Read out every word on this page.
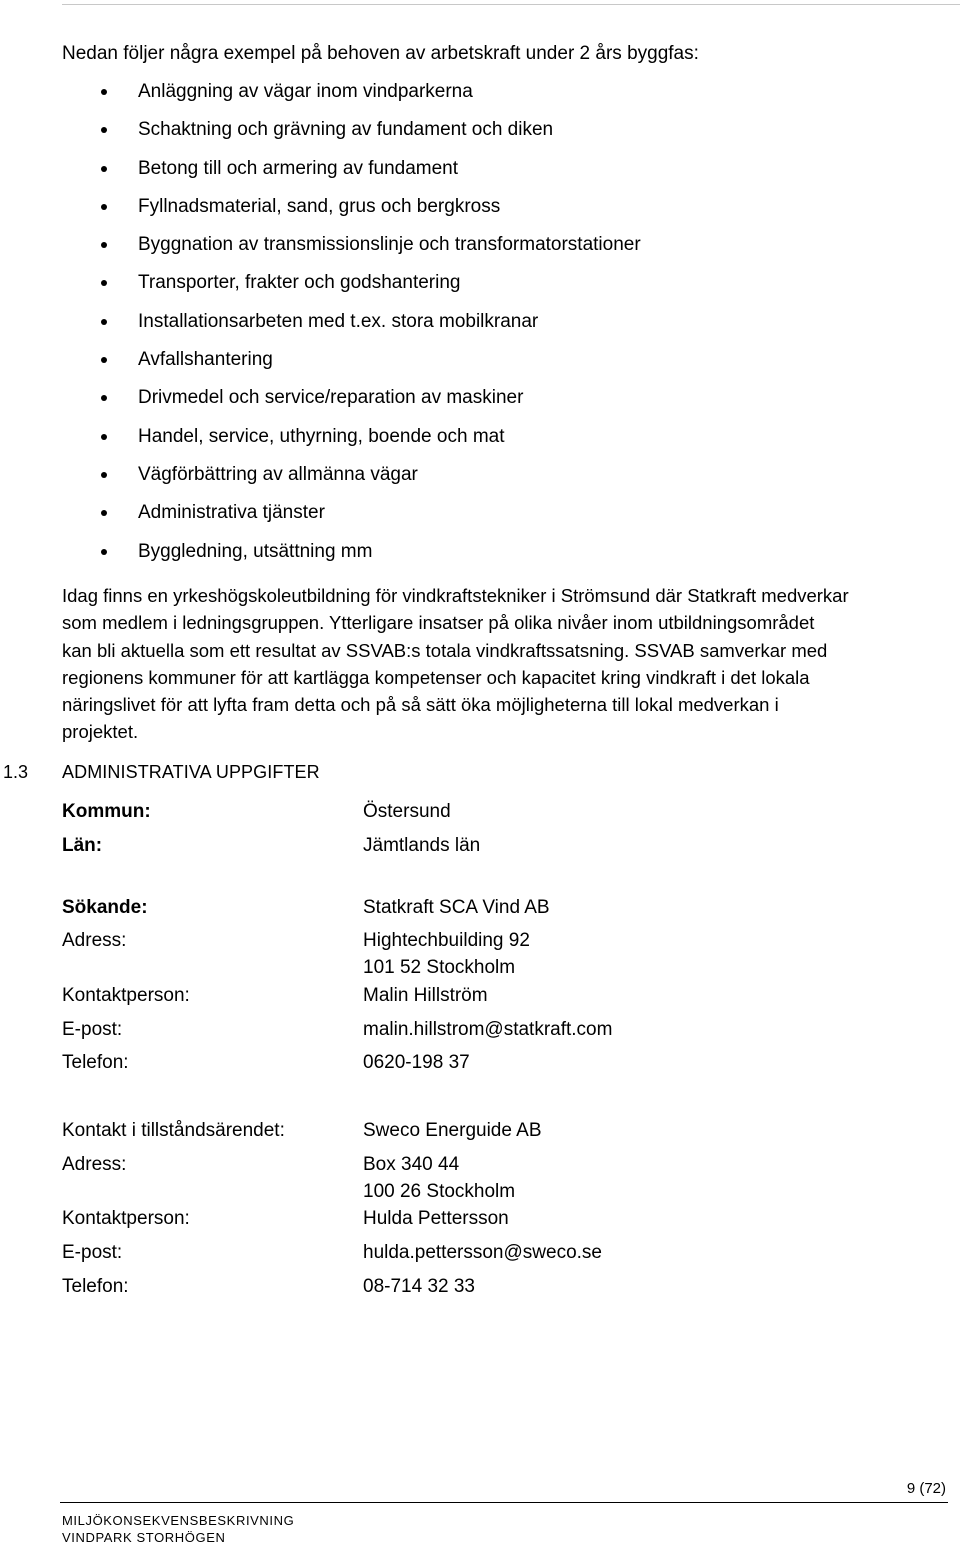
Nedan följer några exempel på behoven av arbetskraft under 2 års byggfas:
Anläggning av vägar inom vindparkerna
Schaktning och grävning av fundament och diken
Betong till och armering av fundament
Fyllnadsmaterial, sand, grus och bergkross
Byggnation av transmissionslinje och transformatorstationer
Transporter, frakter och godshantering
Installationsarbeten med t.ex. stora mobilkranar
Avfallshantering
Drivmedel och service/reparation av maskiner
Handel, service, uthyrning, boende och mat
Vägförbättring av allmänna vägar
Administrativa tjänster
Byggledning, utsättning mm
Idag finns en yrkeshögskoleutbildning för vindkraftstekniker i Strömsund där Statkraft medverkar
som medlem i ledningsgruppen. Ytterligare insatser på olika nivåer inom utbildningsområdet
kan bli aktuella som ett resultat av SSVAB:s totala vindkraftssatsning. SSVAB samverkar med
regionens kommuner för att kartlägga kompetenser och kapacitet kring vindkraft i det lokala
näringslivet för att lyfta fram detta och på så sätt öka möjligheterna till lokal medverkan i
projektet.
1.3 ADMINISTRATIVA UPPGIFTER
Kommun:	Östersund
Län:	Jämtlands län
Sökande:	Statkraft SCA Vind AB
Adress:	Hightechbuilding 92
101 52 Stockholm
Kontaktperson:	Malin Hillström
E-post:	malin.hillstrom@statkraft.com
Telefon:	0620-198 37
Kontakt i tillståndsärendet:	Sweco Energuide AB
Adress:	Box 340 44
100 26 Stockholm
Kontaktperson:	Hulda Pettersson
E-post:	hulda.pettersson@sweco.se
Telefon:	08-714 32 33
9 (72)
MILJÖKONSEKVENSBESKRIVNING
VINDPARK STORHÖGEN
